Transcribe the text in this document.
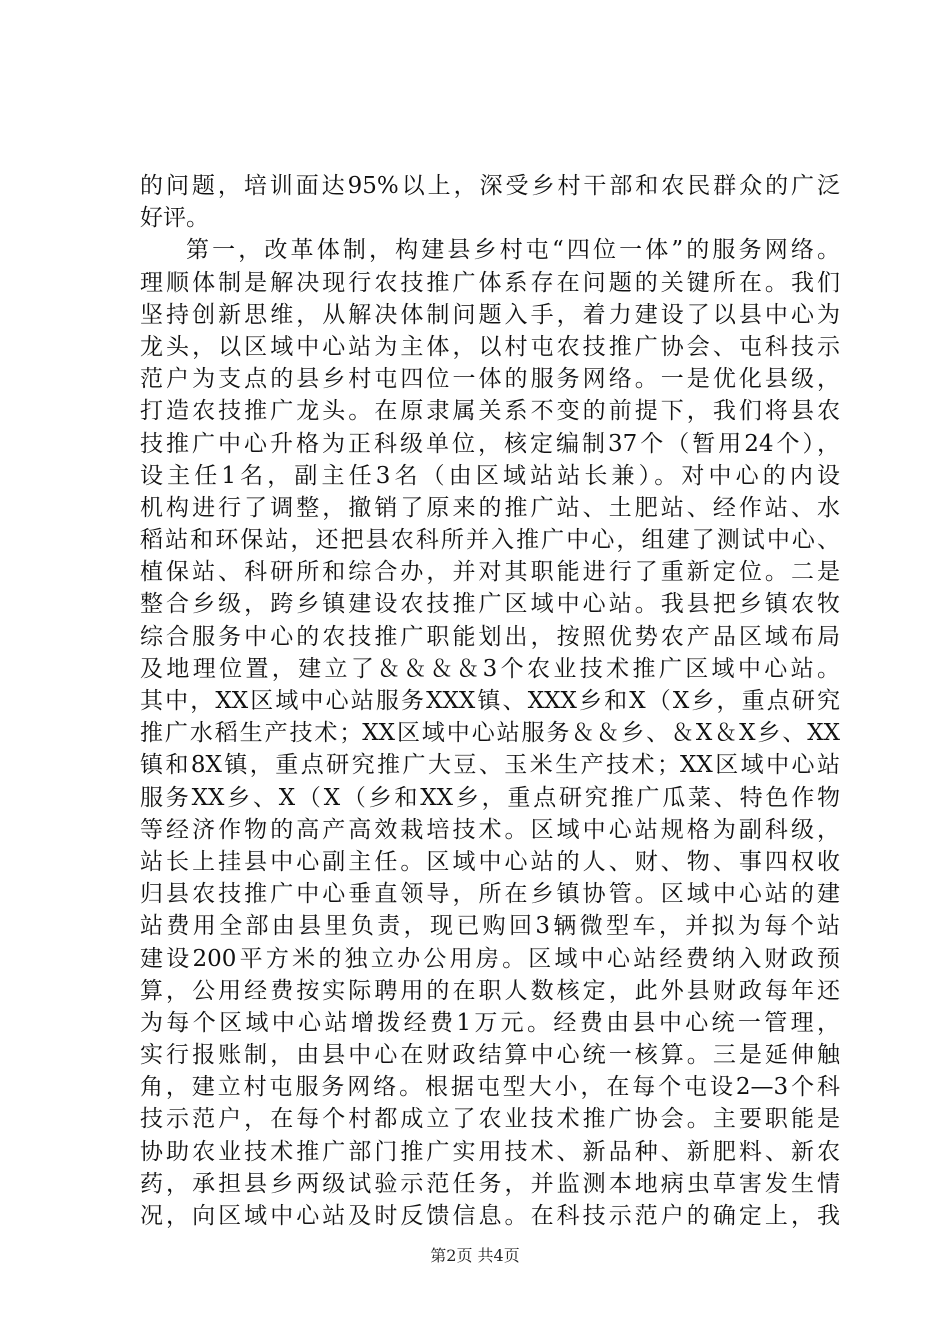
的问题，培训面达95%以上，深受乡村干部和农民群众的广泛
好评。
第一，改革体制，构建县乡村屯“四位一体”的服务网络。
理顺体制是解决现行农技推广体系存在问题的关键所在。我们
坚持创新思维，从解决体制问题入手，着力建设了以县中心为
龙头，以区域中心站为主体，以村屯农技推广协会、屯科技示
范户为支点的县乡村屯四位一体的服务网络。一是优化县级，
打造农技推广龙头。在原隶属关系不变的前提下，我们将县农
技推广中心升格为正科级单位，核定编制37个（暂用24个），
设主任1名，副主任3名（由区域站站长兼）。对中心的内设
机构进行了调整，撤销了原来的推广站、土肥站、经作站、水
稻站和环保站，还把县农科所并入推广中心，组建了测试中心、
植保站、科研所和综合办，并对其职能进行了重新定位。二是
整合乡级，跨乡镇建设农技推广区域中心站。我县把乡镇农牧
综合服务中心的农技推广职能划出，按照优势农产品区域布局
及地理位置，建立了＆＆＆＆3个农业技术推广区域中心站。
其中，XX区域中心站服务XXX镇、XXX乡和X（X乡，重点研究
推广水稻生产技术；XX区域中心站服务＆＆乡、＆X＆X乡、XX
镇和8X镇，重点研究推广大豆、玉米生产技术；XX区域中心站
服务XX乡、X（X（乡和XX乡，重点研究推广瓜菜、特色作物
等经济作物的高产高效栽培技术。区域中心站规格为副科级，
站长上挂县中心副主任。区域中心站的人、财、物、事四权收
归县农技推广中心垂直领导，所在乡镇协管。区域中心站的建
站费用全部由县里负责，现已购回3辆微型车，并拟为每个站
建设200平方米的独立办公用房。区域中心站经费纳入财政预
算，公用经费按实际聘用的在职人数核定，此外县财政每年还
为每个区域中心站增拨经费1万元。经费由县中心统一管理，
实行报账制，由县中心在财政结算中心统一核算。三是延伸触
角，建立村屯服务网络。根据屯型大小，在每个屯设2—3个科
技示范户，在每个村都成立了农业技术推广协会。主要职能是
协助农业技术推广部门推广实用技术、新品种、新肥料、新农
药，承担县乡两级试验示范任务，并监测本地病虫草害发生情
况，向区域中心站及时反馈信息。在科技示范户的确定上，我
第2页 共4页
